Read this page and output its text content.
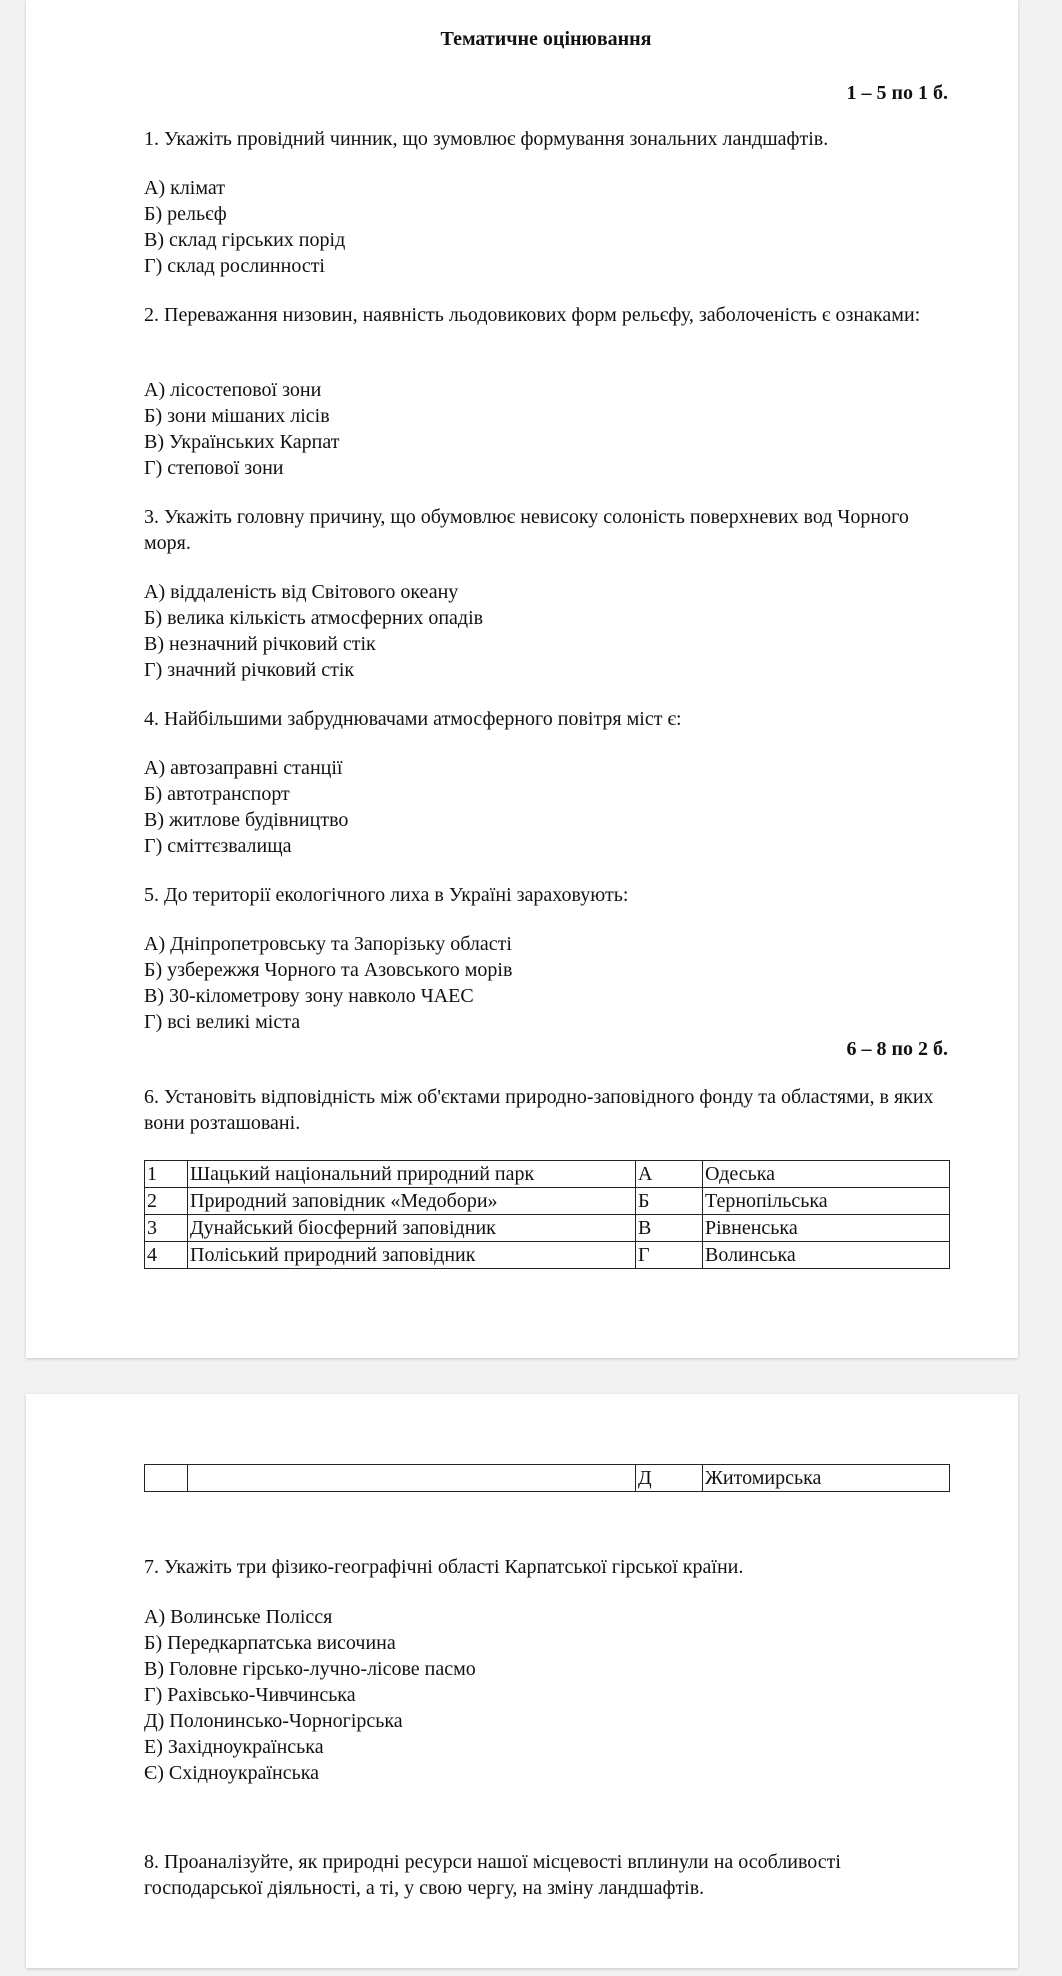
Тематичне оцінювання
1 – 5 по 1 б.
1. Укажіть провідний чинник, що зумовлює формування зональних ландшафтів.
А) клімат
Б) рельєф
В) склад гірських порід
Г) склад рослинності
2. Переважання низовин, наявність льодовикових форм рельєфу, заболоченість є ознаками:
А) лісостепової зони
Б) зони мішаних лісів
В) Українських Карпат
Г) степової зони
3. Укажіть головну причину, що обумовлює невисоку солоність поверхневих вод Чорного моря.
А) віддаленість від Світового океану
Б) велика кількість атмосферних опадів
В) незначний річковий стік
Г) значний річковий стік
4. Найбільшими забруднювачами атмосферного повітря міст є:
А) автозаправні станції
Б) автотранспорт
В) житлове будівництво
Г) сміттєзвалища
5. До території екологічного лиха в Україні зараховують:
А) Дніпропетровську та Запорізьку області
Б) узбережжя Чорного та Азовського морів
В) 30-кілометрову зону навколо ЧАЕС
Г) всі великі міста
6 – 8 по 2 б.
6. Установіть відповідність між об'єктами природно-заповідного фонду та областями, в яких вони розташовані.
1	Шацький національний природний парк	А	Одеська
2	Природний заповідник «Медобори»	Б	Тернопільська
3	Дунайський біосферний заповідник	В	Рівненська
4	Поліський природний заповідник	Г	Волинська
		Д	Житомирська
7. Укажіть три фізико-географічні області Карпатської гірської країни.
А) Волинське Полісся
Б) Передкарпатська височина
В) Головне гірсько-лучно-лісове пасмо
Г) Рахівсько-Чивчинська
Д) Полонинсько-Чорногірська
Е) Західноукраїнська
Є) Східноукраїнська
8. Проаналізуйте, як природні ресурси нашої місцевості вплинули на особливості господарської діяльності, а ті, у свою чергу, на зміну ландшафтів.
